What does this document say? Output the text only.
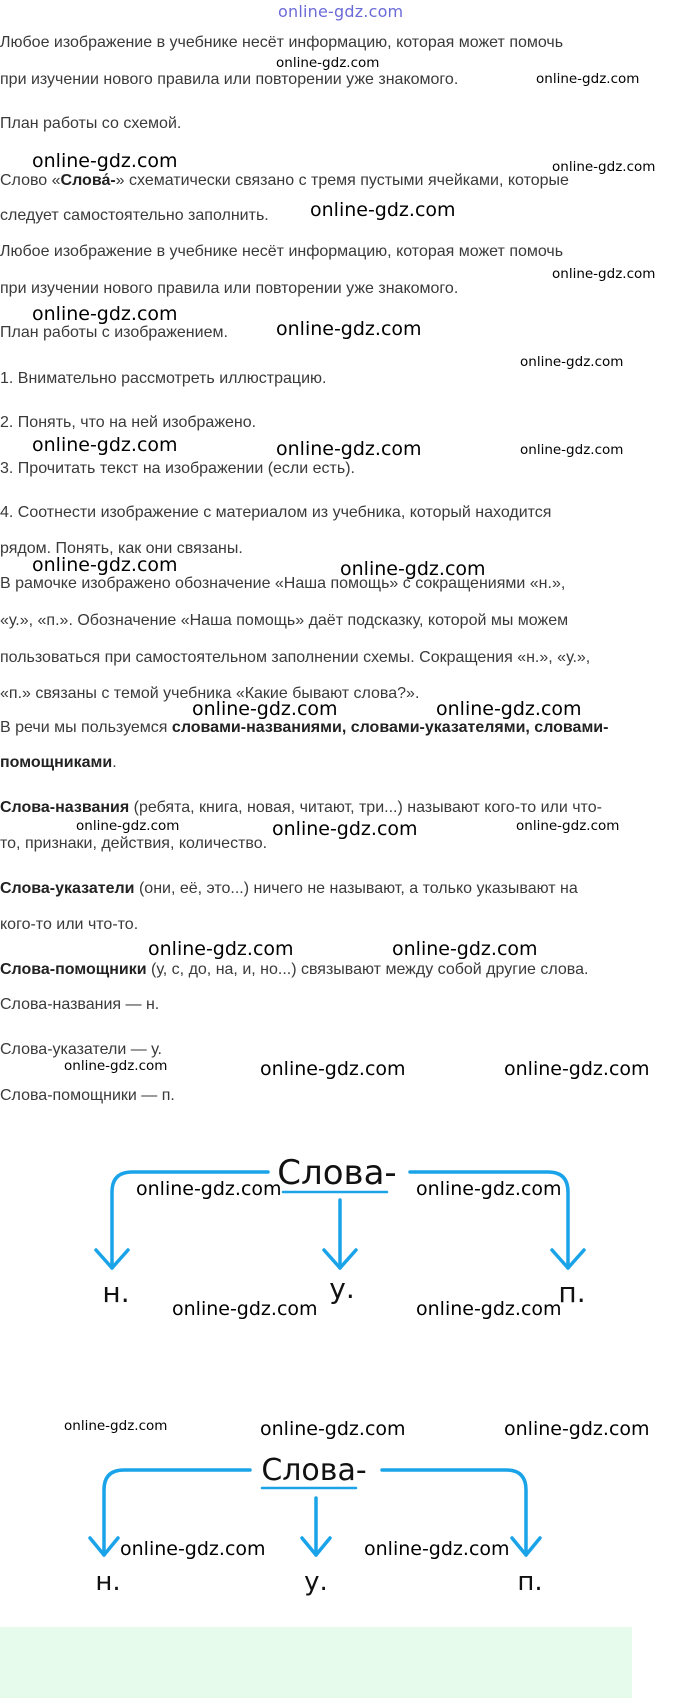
online-gdz.com
Любое изображение в учебнике несёт информацию, которая может помочь
при изучении нового правила или повторении уже знакомого.
План работы со схемой.
Слово «Слова́-» схематически связано с тремя пустыми ячейками, которые
следует самостоятельно заполнить.
Любое изображение в учебнике несёт информацию, которая может помочь
при изучении нового правила или повторении уже знакомого.
План работы с изображением.
1. Внимательно рассмотреть иллюстрацию.
2. Понять, что на ней изображено.
3. Прочитать текст на изображении (если есть).
4. Соотнести изображение с материалом из учебника, который находится
рядом. Понять, как они связаны.
В рамочке изображено обозначение «Наша помощь» с сокращениями «н.»,
«у.», «п.». Обозначение «Наша помощь» даёт подсказку, которой мы можем
пользоваться при самостоятельном заполнении схемы. Сокращения «н.», «у.»,
«п.» связаны с темой учебника «Какие бывают слова?».
В речи мы пользуемся словами-названиями, словами-указателями, словами-
помощниками.
Слова-названия (ребята, книга, новая, читают, три...) называют кого-то или что-
то, признаки, действия, количество.
Слова-указатели (они, её, это...) ничего не называют, а только указывают на
кого-то или что-то.
Слова-помощники (у, с, до, на, и, но...) связывают между собой другие слова.
Слова-названия — н.
Слова-указатели — у.
Слова-помощники — п.
Слова-
н.	у.	п.
Слова-
н.	у.	п.
online-gdz.com
online-gdz.com
online-gdz.com	online-gdz.com
online-gdz.com
online-gdz.com
online-gdz.com
online-gdz.com
online-gdz.com
online-gdz.com	online-gdz.com	online-gdz.com
online-gdz.com	online-gdz.com
online-gdz.com	online-gdz.com
online-gdz.com	online-gdz.com	online-gdz.com
online-gdz.com	online-gdz.com
online-gdz.com	online-gdz.com	online-gdz.com
online-gdz.com	online-gdz.com
online-gdz.com	online-gdz.com
online-gdz.com	online-gdz.com	online-gdz.com
online-gdz.com	online-gdz.com
